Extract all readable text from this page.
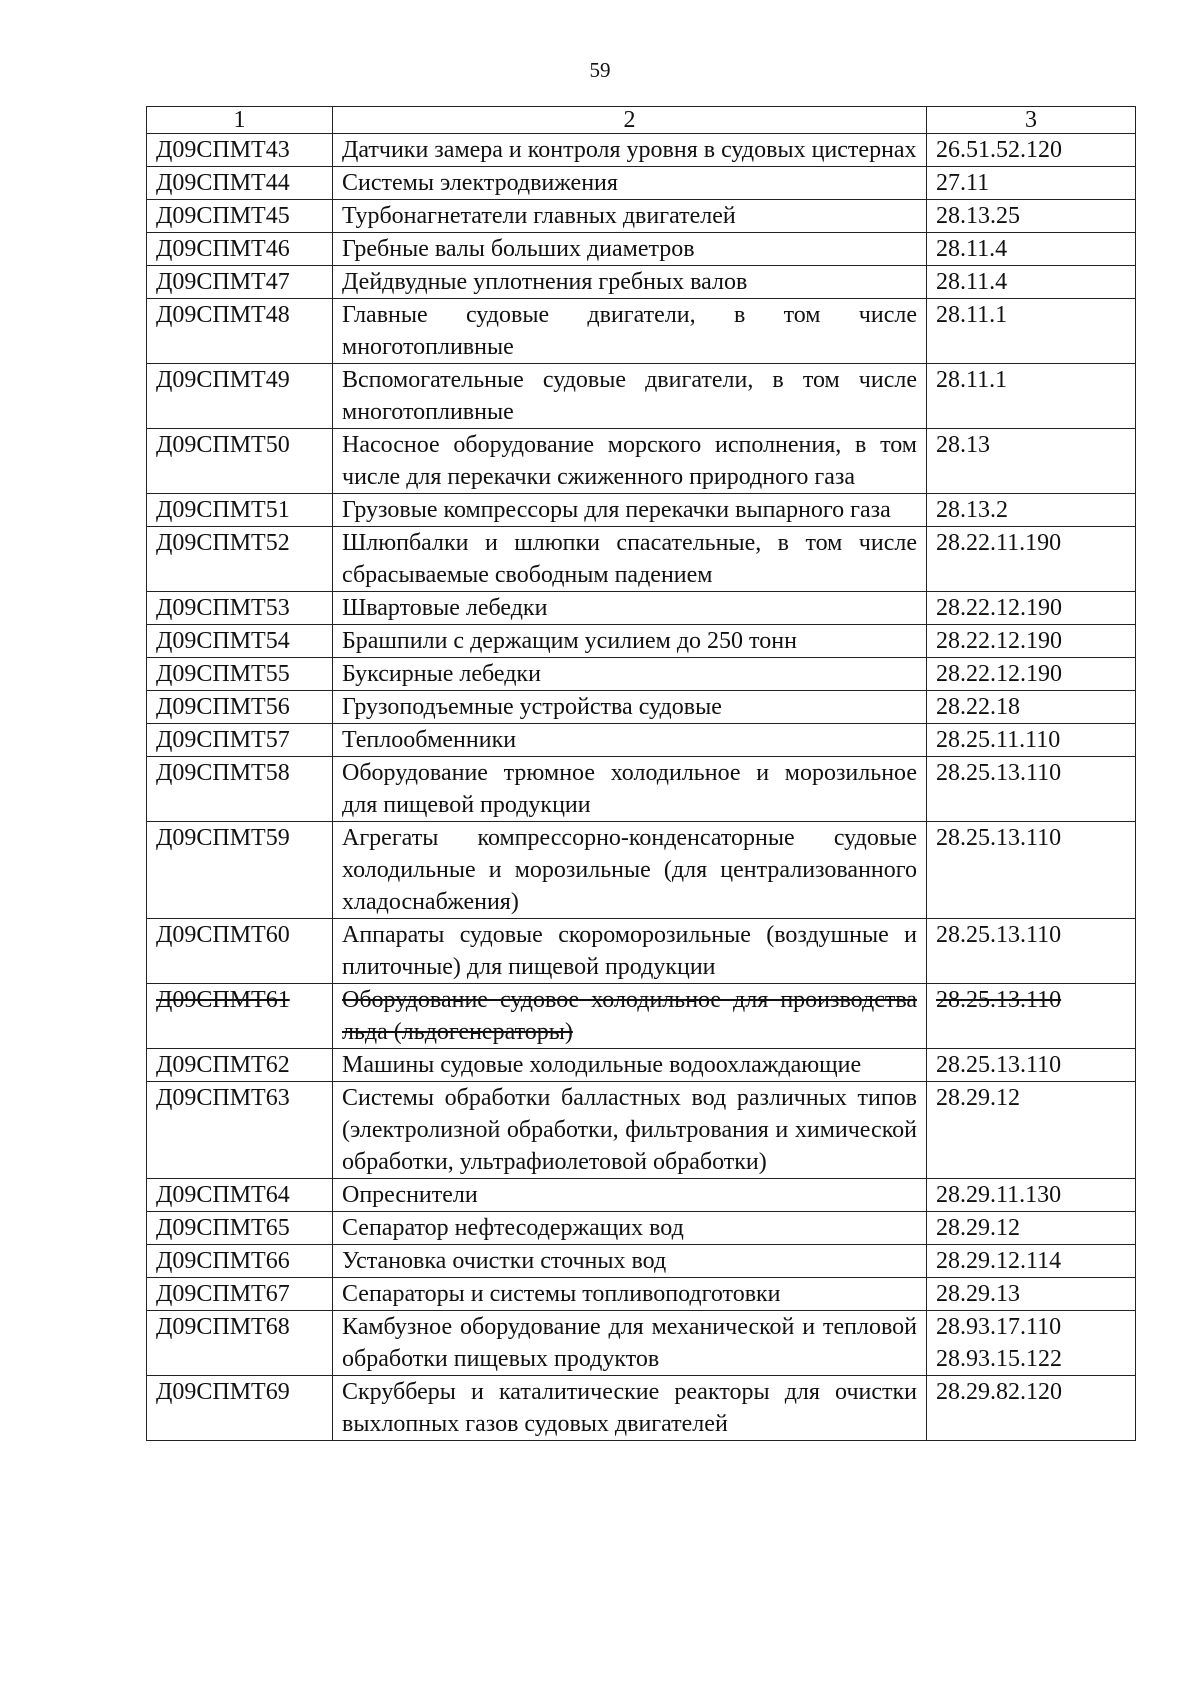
59
1	2	3
Д09СПМТ43	Датчики замера и контроля уровня в судовых цистернах	26.51.52.120
Д09СПМТ44	Системы электродвижения	27.11
Д09СПМТ45	Турбонагнетатели главных двигателей	28.13.25
Д09СПМТ46	Гребные валы больших диаметров	28.11.4
Д09СПМТ47	Дейдвудные уплотнения гребных валов	28.11.4
Д09СПМТ48	Главные судовые двигатели, в том числе многотопливные	28.11.1
Д09СПМТ49	Вспомогательные судовые двигатели, в том числе многотопливные	28.11.1
Д09СПМТ50	Насосное оборудование морского исполнения, в том числе для перекачки сжиженного природного газа	28.13
Д09СПМТ51	Грузовые компрессоры для перекачки выпарного газа	28.13.2
Д09СПМТ52	Шлюпбалки и шлюпки спасательные, в том числе сбрасываемые свободным падением	28.22.11.190
Д09СПМТ53	Швартовые лебедки	28.22.12.190
Д09СПМТ54	Брашпили с держащим усилием до 250 тонн	28.22.12.190
Д09СПМТ55	Буксирные лебедки	28.22.12.190
Д09СПМТ56	Грузоподъемные устройства судовые	28.22.18
Д09СПМТ57	Теплообменники	28.25.11.110
Д09СПМТ58	Оборудование трюмное холодильное и морозильное для пищевой продукции	28.25.13.110
Д09СПМТ59	Агрегаты компрессорно-конденсаторные судовые холодильные и морозильные (для централизованного хладоснабжения)	28.25.13.110
Д09СПМТ60	Аппараты судовые скороморозильные (воздушные и плиточные) для пищевой продукции	28.25.13.110
Д09СПМТ61	Оборудование судовое холодильное для производства льда (льдогенераторы)	28.25.13.110
Д09СПМТ62	Машины судовые холодильные водоохлаждающие	28.25.13.110
Д09СПМТ63	Системы обработки балластных вод различных типов (электролизной обработки, фильтрования и химической обработки, ультрафиолетовой обработки)	28.29.12
Д09СПМТ64	Опреснители	28.29.11.130
Д09СПМТ65	Сепаратор нефтесодержащих вод	28.29.12
Д09СПМТ66	Установка очистки сточных вод	28.29.12.114
Д09СПМТ67	Сепараторы и системы топливоподготовки	28.29.13
Д09СПМТ68	Камбузное оборудование для механической и тепловой обработки пищевых продуктов	28.93.17.110
28.93.15.122
Д09СПМТ69	Скрубберы и каталитические реакторы для очистки выхлопных газов судовых двигателей	28.29.82.120
